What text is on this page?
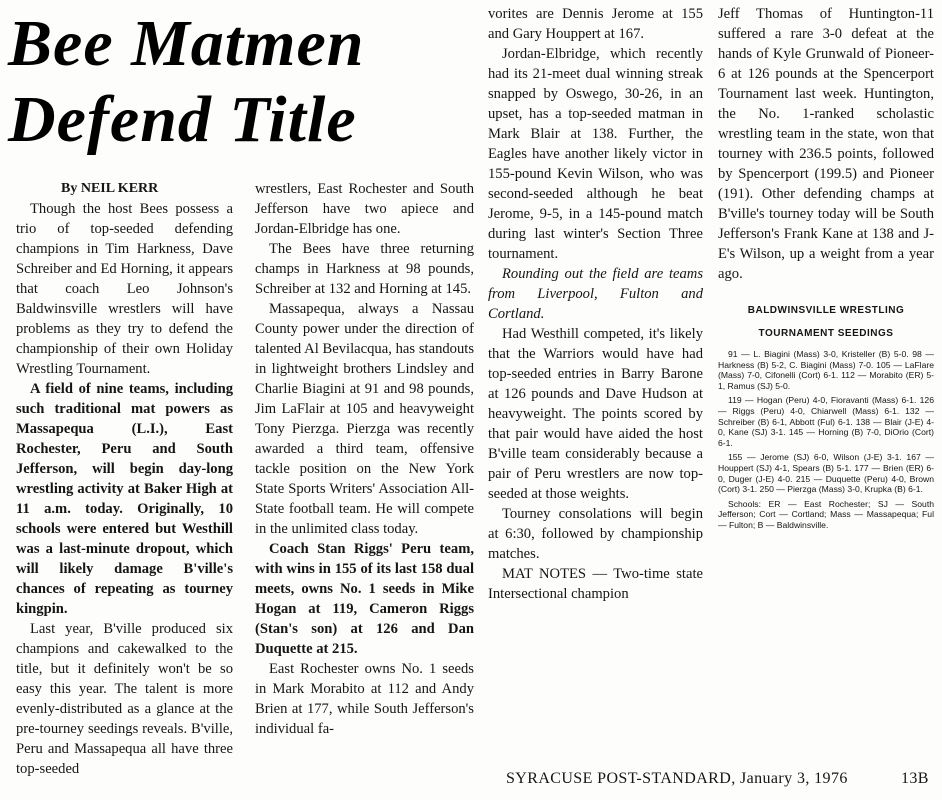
Bee Matmen
Defend Title

By NEIL KERR

Though the host Bees possess a trio of top-seeded defending champions in Tim Harkness, Dave Schreiber and Ed Horning, it appears that coach Leo Johnson's Baldwinsville wrestlers will have problems as they try to defend the championship of their own Holiday Wrestling Tournament.

A field of nine teams, including such traditional mat powers as Massapequa (L.I.), East Rochester, Peru and South Jefferson, will begin day-long wrestling activity at Baker High at 11 a.m. today. Originally, 10 schools were entered but Westhill was a last-minute dropout, which will likely damage B'ville's chances of repeating as tourney kingpin.

Last year, B'ville produced six champions and cakewalked to the title, but it definitely won't be so easy this year. The talent is more evenly-distributed as a glance at the pre-tourney seedings reveals. B'ville, Peru and Massapequa all have three top-seeded

wrestlers, East Rochester and South Jefferson have two apiece and Jordan-Elbridge has one.

The Bees have three returning champs in Harkness at 98 pounds, Schreiber at 132 and Horning at 145.

Massapequa, always a Nassau County power under the direction of talented Al Bevilacqua, has standouts in lightweight brothers Lindsley and Charlie Biagini at 91 and 98 pounds, Jim LaFlair at 105 and heavyweight Tony Pierzga. Pierzga was recently awarded a third team, offensive tackle position on the New York State Sports Writers' Association All-State football team. He will compete in the unlimited class today.

Coach Stan Riggs' Peru team, with wins in 155 of its last 158 dual meets, owns No. 1 seeds in Mike Hogan at 119, Cameron Riggs (Stan's son) at 126 and Dan Duquette at 215.

East Rochester owns No. 1 seeds in Mark Morabito at 112 and Andy Brien at 177, while South Jefferson's individual fa-

vorites are Dennis Jerome at 155 and Gary Houppert at 167.

Jordan-Elbridge, which recently had its 21-meet dual winning streak snapped by Oswego, 30-26, in an upset, has a top-seeded matman in Mark Blair at 138. Further, the Eagles have another likely victor in 155-pound Kevin Wilson, who was second-seeded although he beat Jerome, 9-5, in a 145-pound match during last winter's Section Three tournament.

Rounding out the field are teams from Liverpool, Fulton and Cortland.

Had Westhill competed, it's likely that the Warriors would have had top-seeded entries in Barry Barone at 126 pounds and Dave Hudson at heavyweight. The points scored by that pair would have aided the host B'ville team considerably because a pair of Peru wrestlers are now top-seeded at those weights.

Tourney consolations will begin at 6:30, followed by championship matches.

MAT NOTES — Two-time state Intersectional champion

Jeff Thomas of Huntington-11 suffered a rare 3-0 defeat at the hands of Kyle Grunwald of Pioneer-6 at 126 pounds at the Spencerport Tournament last week. Huntington, the No. 1-ranked scholastic wrestling team in the state, won that tourney with 236.5 points, followed by Spencerport (199.5) and Pioneer (191). Other defending champs at B'ville's tourney today will be South Jefferson's Frank Kane at 138 and J-E's Wilson, up a weight from a year ago.

BALDWINSVILLE WRESTLING

TOURNAMENT SEEDINGS

91 — L. Biagini (Mass) 3-0, Kristeller (B) 5-0. 98 — Harkness (B) 5-2, C. Biagini (Mass) 7-0. 105 — LaFlare (Mass) 7-0, Cifonelli (Cort) 6-1. 112 — Morabito (ER) 5-1, Ramus (SJ) 5-0.

119 — Hogan (Peru) 4-0, Fioravanti (Mass) 6-1. 126 — Riggs (Peru) 4-0, Chiarwell (Mass) 6-1. 132 — Schreiber (B) 6-1, Abbott (Ful) 6-1. 138 — Blair (J-E) 4-0, Kane (SJ) 3-1. 145 — Horning (B) 7-0, DiOrio (Cort) 6-1.

155 — Jerome (SJ) 6-0, Wilson (J-E) 3-1. 167 — Houppert (SJ) 4-1, Spears (B) 5-1. 177 — Brien (ER) 6-0, Duger (J-E) 4-0. 215 — Duquette (Peru) 4-0, Brown (Cort) 3-1. 250 — Pierzga (Mass) 3-0, Krupka (B) 6-1.

Schools: ER — East Rochester; SJ — South Jefferson; Cort — Cortland; Mass — Massapequa; Ful — Fulton; B — Baldwinsville.

SYRACUSE POST-STANDARD, January 3, 1976	13B
